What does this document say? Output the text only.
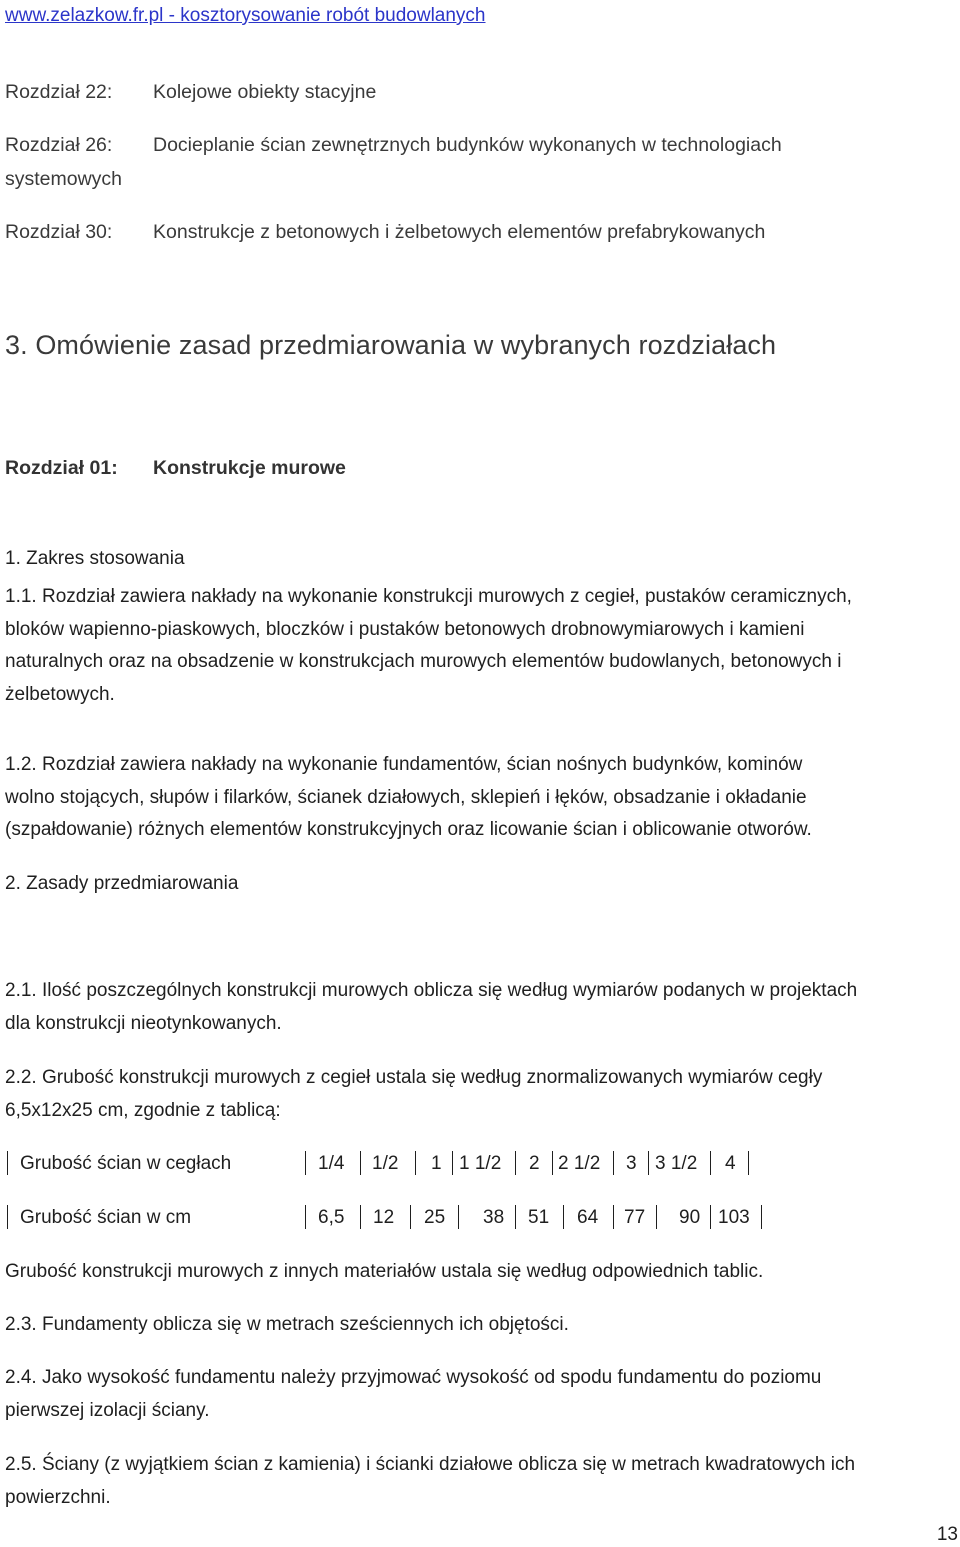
www.zelazkow.fr.pl - kosztorysowanie robót budowlanych
Rozdział 22: Kolejowe obiekty stacyjne
Rozdział 26: Docieplanie ścian zewnętrznych budynków wykonanych w technologiach
systemowych
Rozdział 30: Konstrukcje z betonowych i żelbetowych elementów prefabrykowanych
3. Omówienie zasad przedmiarowania w wybranych rozdziałach
Rozdział 01: Konstrukcje murowe
1. Zakres stosowania
1.1. Rozdział zawiera nakłady na wykonanie konstrukcji murowych z cegieł, pustaków ceramicznych,
bloków wapienno-piaskowych, bloczków i pustaków betonowych drobnowymiarowych i kamieni
naturalnych oraz na obsadzenie w konstrukcjach murowych elementów budowlanych, betonowych i
żelbetowych.
1.2. Rozdział zawiera nakłady na wykonanie fundamentów, ścian nośnych budynków, kominów
wolno stojących, słupów i filarków, ścianek działowych, sklepień i łęków, obsadzanie i okładanie
(szpałdowanie) różnych elementów konstrukcyjnych oraz licowanie ścian i oblicowanie otworów.
2. Zasady przedmiarowania
2.1. Ilość poszczególnych konstrukcji murowych oblicza się według wymiarów podanych w projektach
dla konstrukcji nieotynkowanych.
2.2. Grubość konstrukcji murowych z cegieł ustala się według znormalizowanych wymiarów cegły
6,5x12x25 cm, zgodnie z tablicą:
Grubość ścian w cegłach	1/4 1/2 1 1 1/2 2 2 1/2 3 3 1/2 4
Grubość ścian w cm	6,5 12 25 38 51 64 77 90 103
Grubość konstrukcji murowych z innych materiałów ustala się według odpowiednich tablic.
2.3. Fundamenty oblicza się w metrach sześciennych ich objętości.
2.4. Jako wysokość fundamentu należy przyjmować wysokość od spodu fundamentu do poziomu
pierwszej izolacji ściany.
2.5. Ściany (z wyjątkiem ścian z kamienia) i ścianki działowe oblicza się w metrach kwadratowych ich
powierzchni.
13
